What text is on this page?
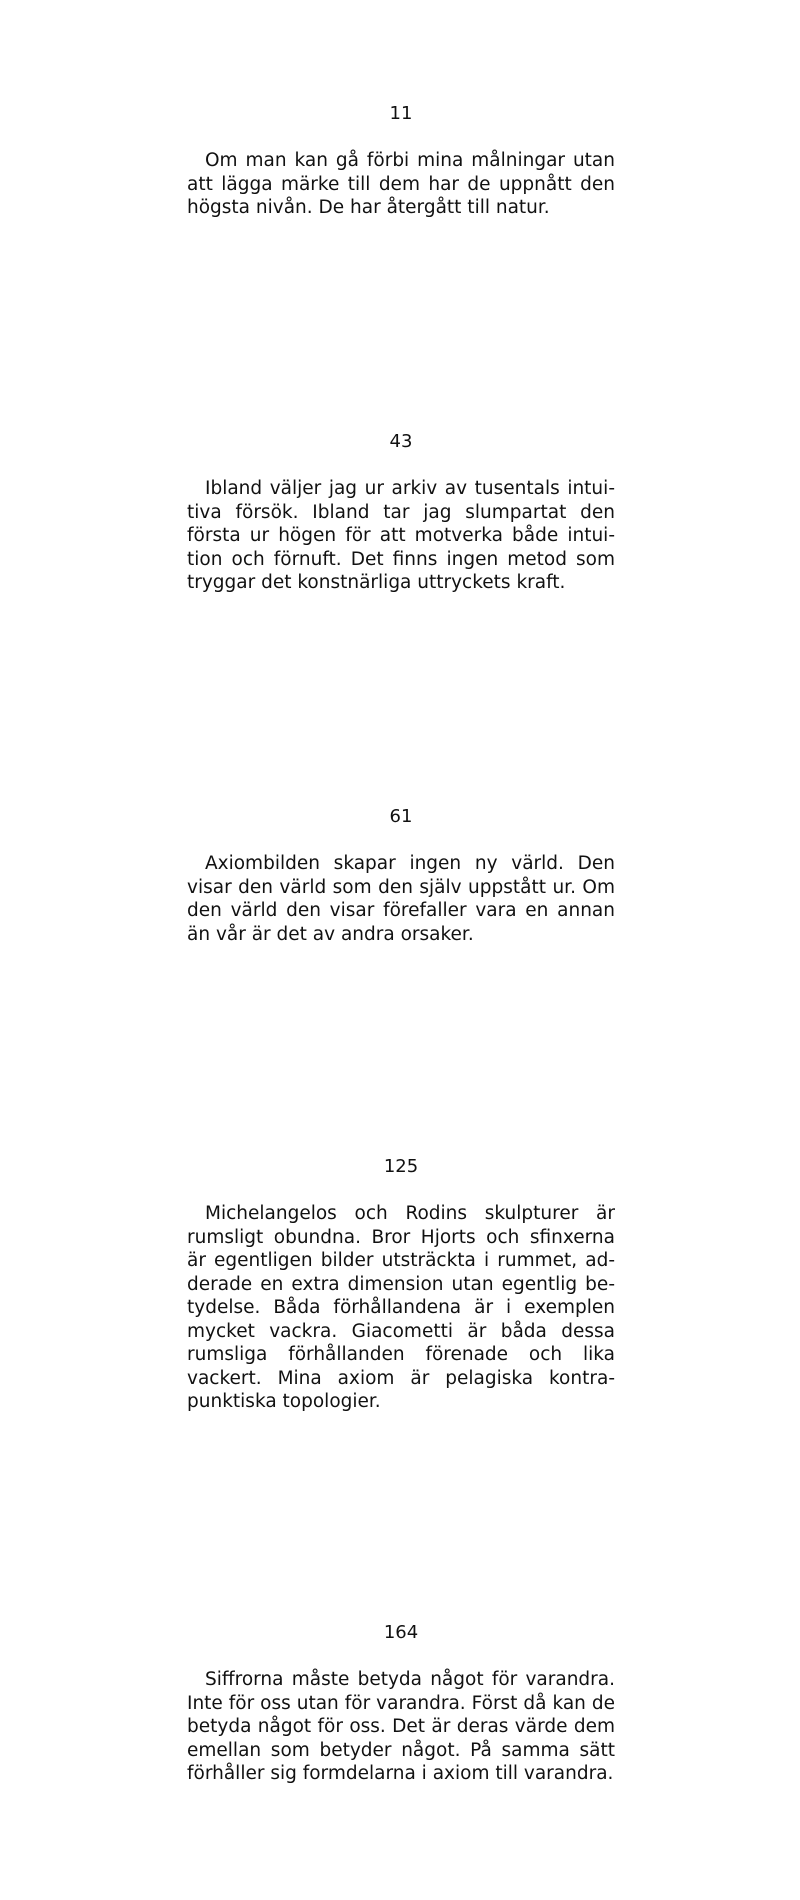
11

Om man kan gå förbi mina målningar utan att lägga märke till dem har de uppnått den högsta nivån. De har återgått till natur.

43

Ibland väljer jag ur arkiv av tusentals intuitiva försök. Ibland tar jag slumpartat den första ur högen för att motverka både intuition och förnuft. Det finns ingen metod som tryggar det konstnärliga uttryckets kraft.

61

Axiombilden skapar ingen ny värld. Den visar den värld som den själv uppstått ur. Om den värld den visar förefaller vara en annan än vår är det av andra orsaker.

125

Michelangelos och Rodins skulpturer är rumsligt obundna. Bror Hjorts och sfinxerna är egentligen bilder utsträckta i rummet, adderade en extra dimension utan egentlig betydelse. Båda förhållandena är i exemplen mycket vackra. Giacometti är båda dessa rumsliga förhållanden förenade och lika vackert. Mina axiom är pelagiska kontrapunktiska topologier.

164

Siffrorna måste betyda något för varandra. Inte för oss utan för varandra. Först då kan de betyda något för oss. Det är deras värde dem emellan som betyder något. På samma sätt förhåller sig formdelarna i axiom till varandra.
